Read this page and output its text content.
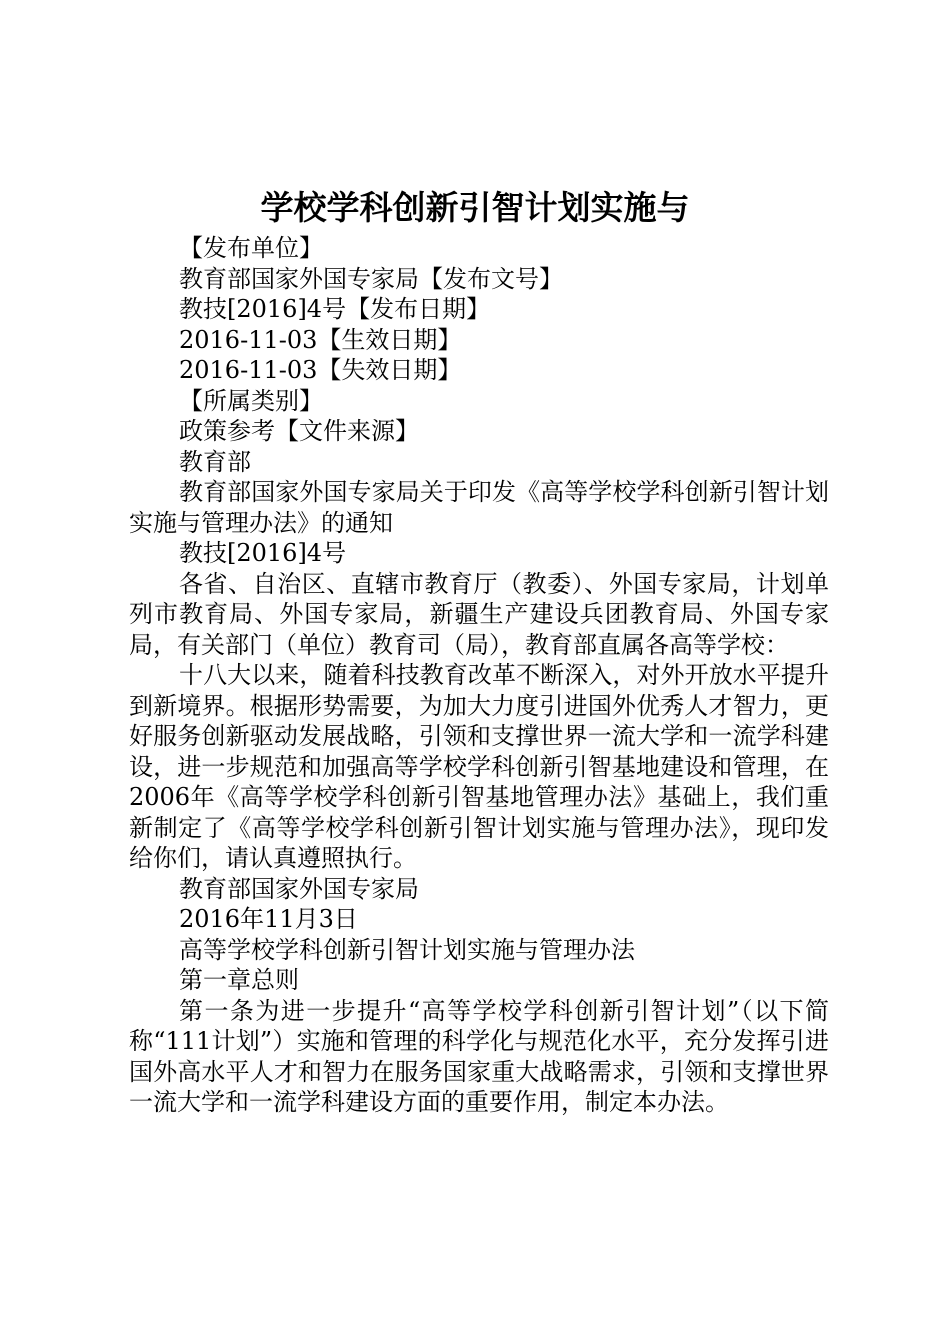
学校学科创新引智计划实施与

【发布单位】

教育部国家外国专家局【发布文号】

教技[2016]4号【发布日期】

2016-11-03【生效日期】

2016-11-03【失效日期】

【所属类别】

政策参考【文件来源】

教育部

教育部国家外国专家局关于印发《高等学校学科创新引智计划实施与管理办法》的通知

教技[2016]4号

各省、自治区、直辖市教育厅（教委）、外国专家局，计划单列市教育局、外国专家局，新疆生产建设兵团教育局、外国专家局，有关部门（单位）教育司（局），教育部直属各高等学校：

十八大以来，随着科技教育改革不断深入，对外开放水平提升到新境界。根据形势需要，为加大力度引进国外优秀人才智力，更好服务创新驱动发展战略，引领和支撑世界一流大学和一流学科建设，进一步规范和加强高等学校学科创新引智基地建设和管理，在2006年《高等学校学科创新引智基地管理办法》基础上，我们重新制定了《高等学校学科创新引智计划实施与管理办法》，现印发给你们，请认真遵照执行。

教育部国家外国专家局

2016年11月3日

高等学校学科创新引智计划实施与管理办法

第一章总则

第一条为进一步提升“高等学校学科创新引智计划”（以下简称“111计划”）实施和管理的科学化与规范化水平，充分发挥引进国外高水平人才和智力在服务国家重大战略需求，引领和支撑世界一流大学和一流学科建设方面的重要作用，制定本办法。
